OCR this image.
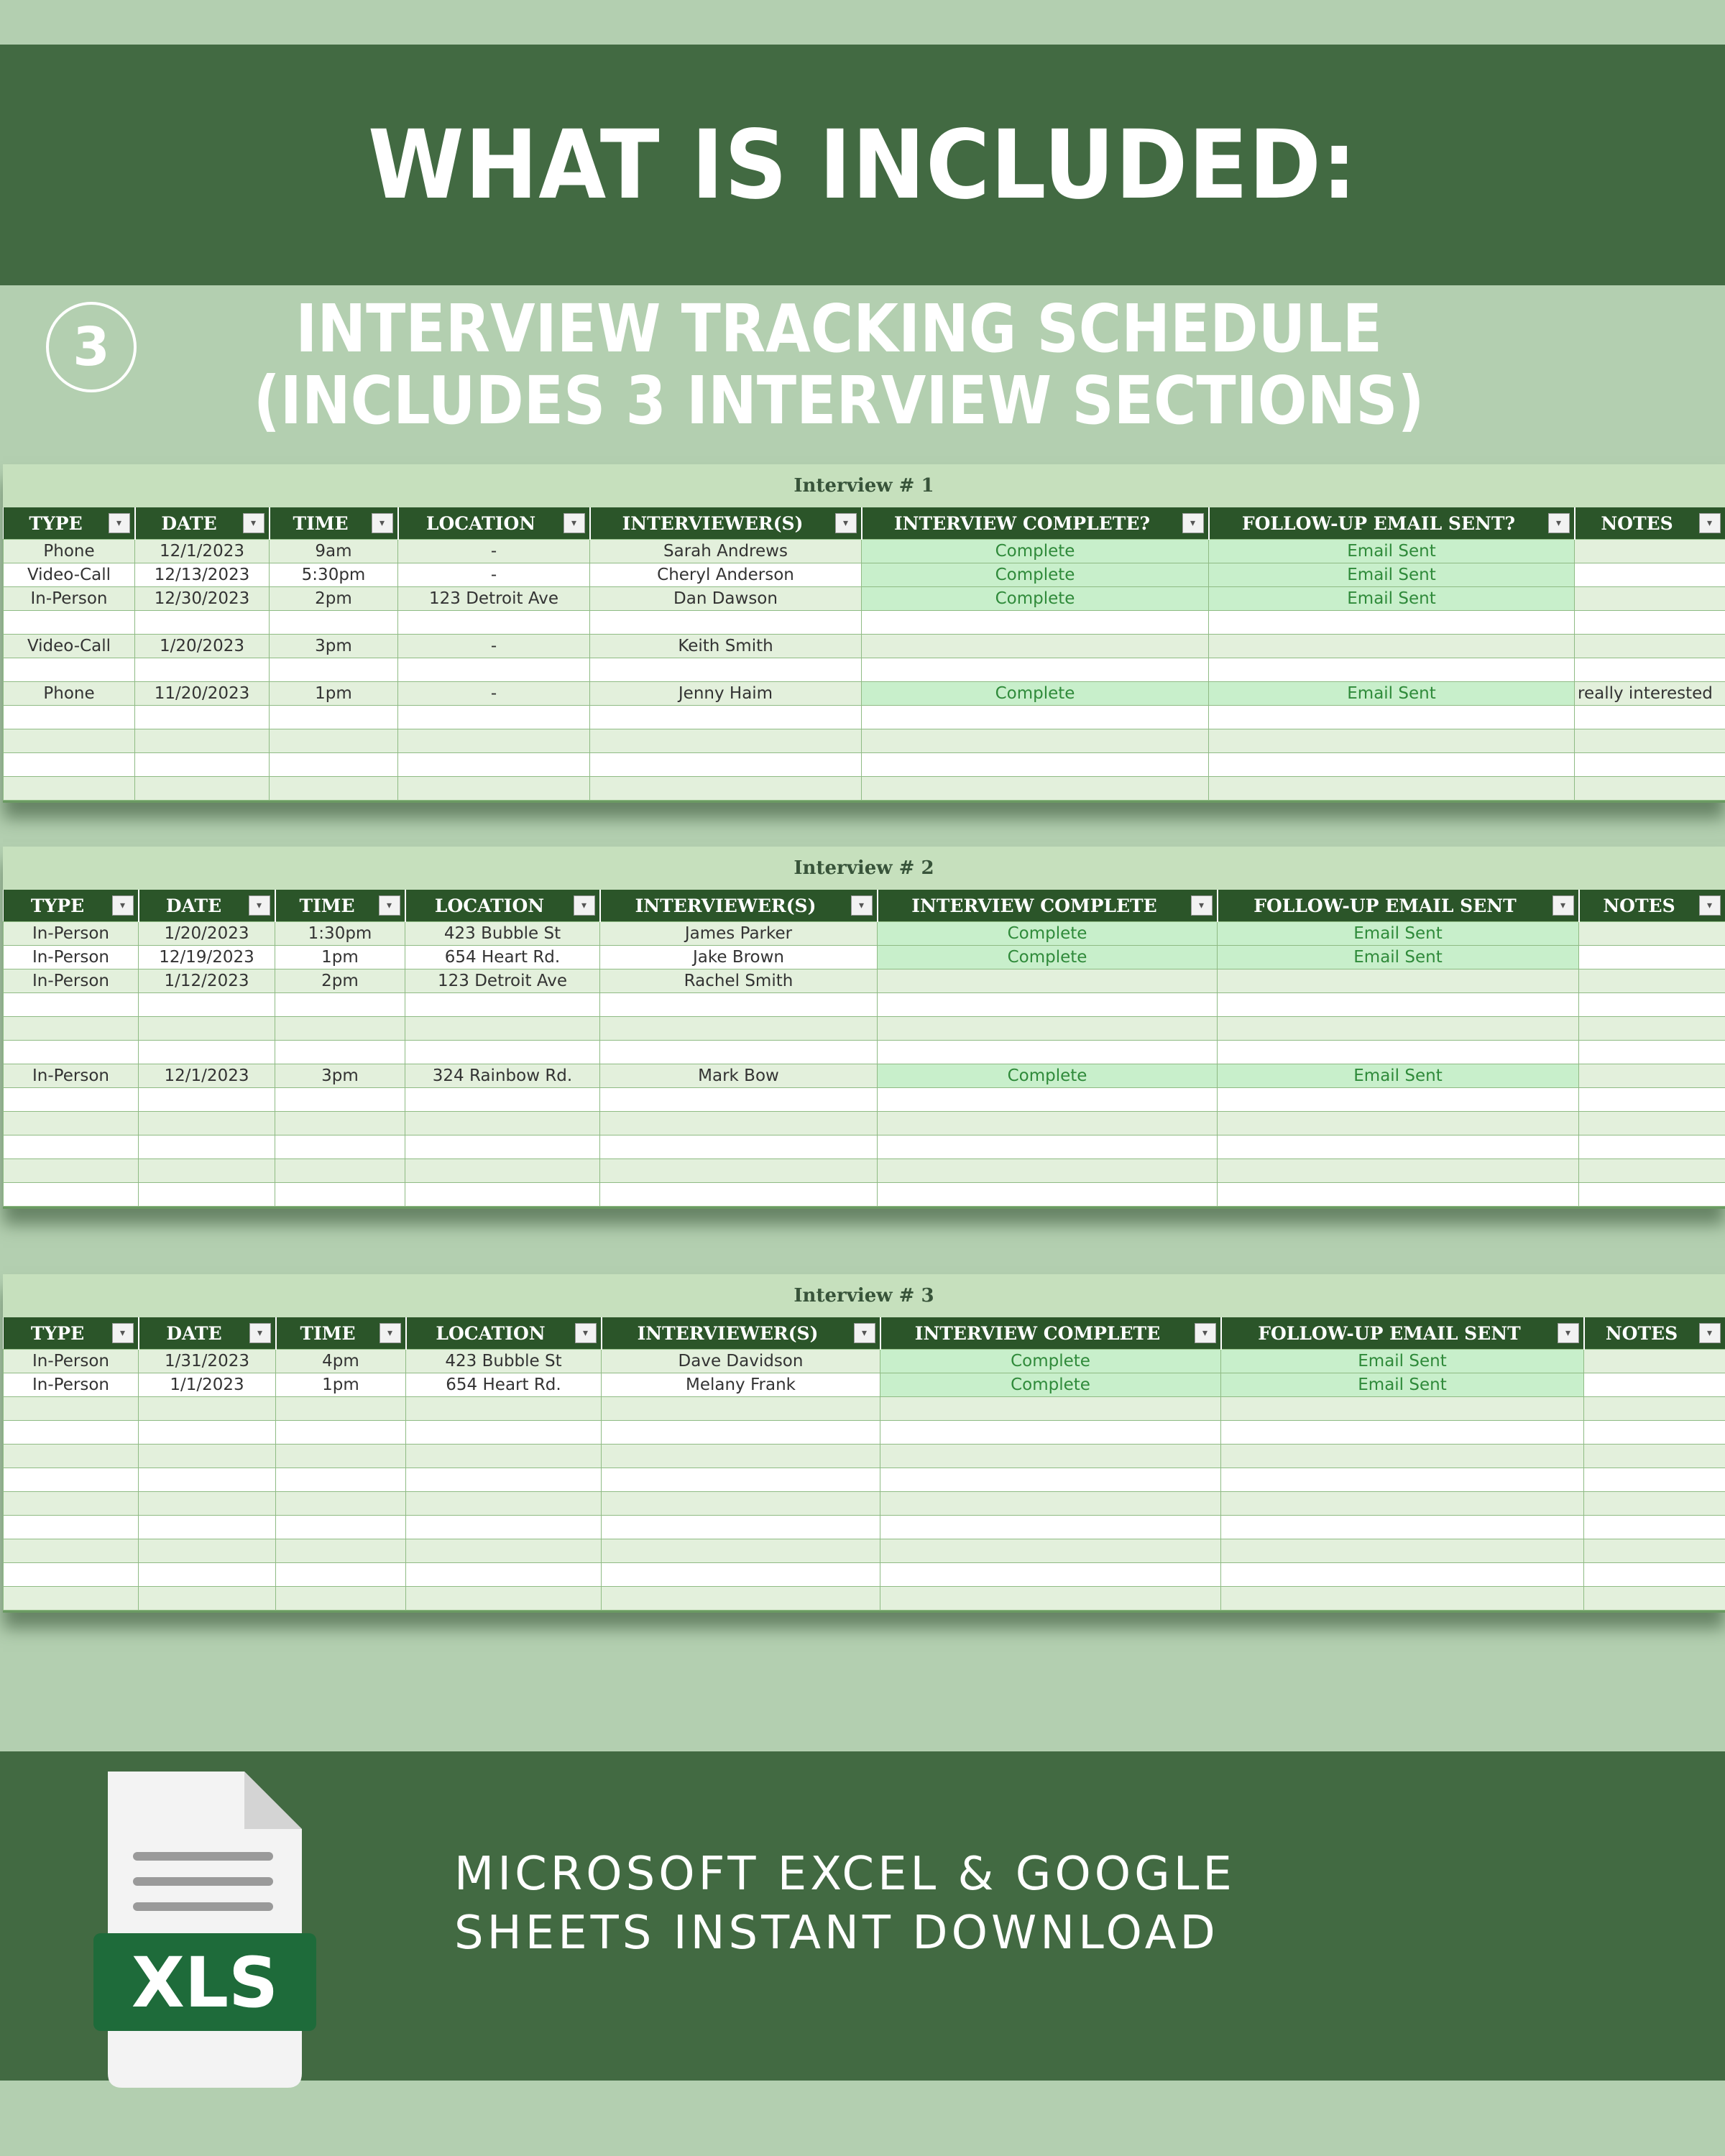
WHAT IS INCLUDED:
3	INTERVIEW TRACKING SCHEDULE (INCLUDES 3 INTERVIEW SECTIONS)
Interview # 1
TYPE ▾	DATE ▾	TIME ▾	LOCATION ▾	INTERVIEWER(S) ▾	INTERVIEW COMPLETE? ▾	FOLLOW-UP EMAIL SENT? ▾	NOTES ▾

Phone	12/1/2023	9am	-	Sarah Andrews	Complete	Email Sent	
Video-Call	12/13/2023	5:30pm	-	Cheryl Anderson	Complete	Email Sent	
In-Person	12/30/2023	2pm	123 Detroit Ave	Dan Dawson	Complete	Email Sent	

Video-Call	1/20/2023	3pm	-	Keith Smith			

Phone	11/20/2023	1pm	-	Jenny Haim	Complete	Email Sent	really interested

Interview # 2
TYPE ▾	DATE ▾	TIME ▾	LOCATION ▾	INTERVIEWER(S) ▾	INTERVIEW COMPLETE ▾	FOLLOW-UP EMAIL SENT ▾	NOTES ▾

In-Person	1/20/2023	1:30pm	423 Bubble St	James Parker	Complete	Email Sent	
In-Person	12/19/2023	1pm	654 Heart Rd.	Jake Brown	Complete	Email Sent	
In-Person	1/12/2023	2pm	123 Detroit Ave	Rachel Smith			

In-Person	12/1/2023	3pm	324 Rainbow Rd.	Mark Bow	Complete	Email Sent	

Interview # 3
TYPE ▾	DATE ▾	TIME ▾	LOCATION ▾	INTERVIEWER(S) ▾	INTERVIEW COMPLETE ▾	FOLLOW-UP EMAIL SENT ▾	NOTES ▾

In-Person	1/31/2023	4pm	423 Bubble St	Dave Davidson	Complete	Email Sent	
In-Person	1/1/2023	1pm	654 Heart Rd.	Melany Frank	Complete	Email Sent	

XLS
MICROSOFT EXCEL & GOOGLE
SHEETS INSTANT DOWNLOAD
